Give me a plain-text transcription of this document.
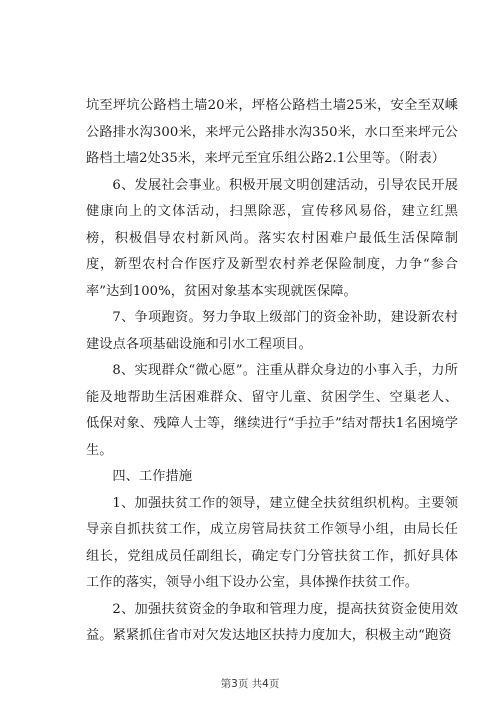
坑至坪坑公路档土墙20米，坪格公路档土墙25米，安全至双嵊公路排水沟300米，来坪元公路排水沟350米，水口至来坪元公路档土墙2处35米，来坪元至宜乐组公路2.1公里等。（附表）

6、发展社会事业。积极开展文明创建活动，引导农民开展健康向上的文体活动，扫黑除恶，宣传移风易俗，建立红黑榜，积极倡导农村新风尚。落实农村困难户最低生活保障制度，新型农村合作医疗及新型农村养老保险制度，力争“参合率”达到100%，贫困对象基本实现就医保障。

7、争项跑资。努力争取上级部门的资金补助，建设新农村建设点各项基础设施和引水工程项目。

8、实现群众“微心愿”。注重从群众身边的小事入手，力所能及地帮助生活困难群众、留守儿童、贫困学生、空巢老人、低保对象、残障人士等，继续进行“手拉手”结对帮扶1名困境学生。

四、工作措施

1、加强扶贫工作的领导，建立健全扶贫组织机构。主要领导亲自抓扶贫工作，成立房管局扶贫工作领导小组，由局长任组长，党组成员任副组长，确定专门分管扶贫工作，抓好具体工作的落实，领导小组下设办公室，具体操作扶贫工作。

2、加强扶贫资金的争取和管理力度，提高扶贫资金使用效益。紧紧抓住省市对欠发达地区扶持力度加大，积极主动“跑资

第3页 共4页
